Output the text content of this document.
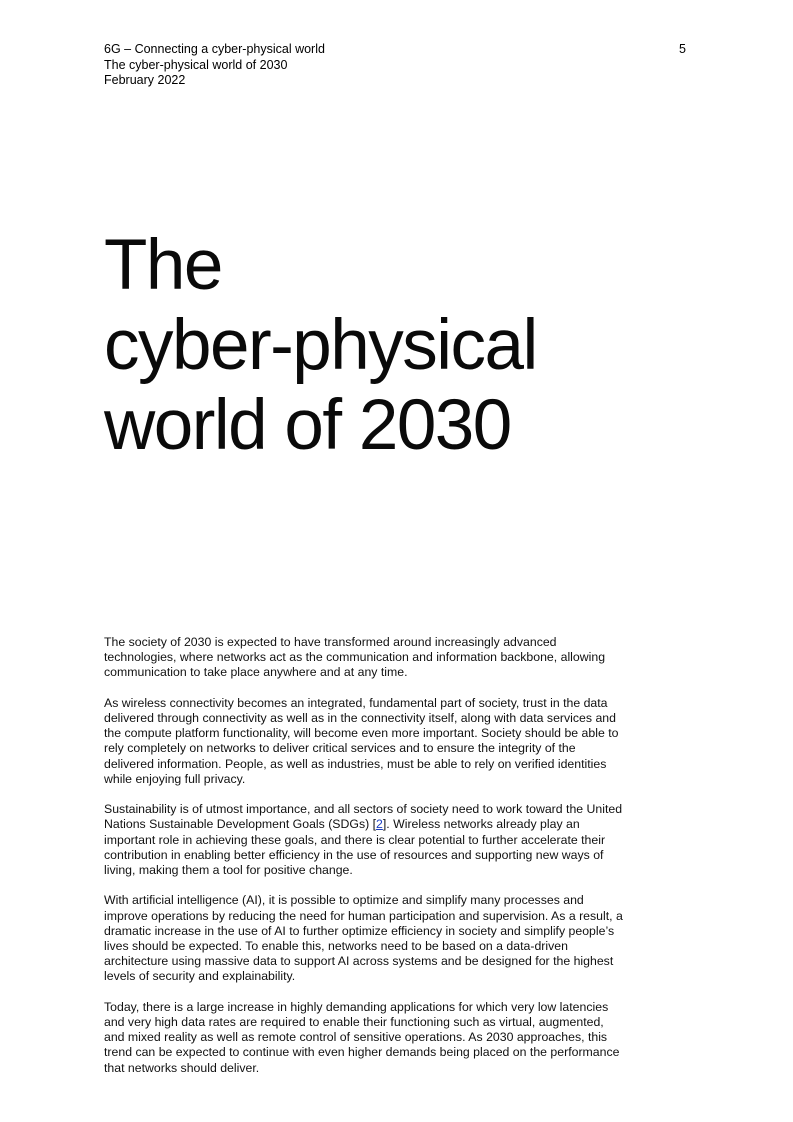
6G – Connecting a cyber-physical world
The cyber-physical world of 2030
February 2022
5
The
cyber-physical
world of 2030

The society of 2030 is expected to have transformed around increasingly advanced technologies, where networks act as the communication and information backbone, allowing communication to take place anywhere and at any time.

As wireless connectivity becomes an integrated, fundamental part of society, trust in the data delivered through connectivity as well as in the connectivity itself, along with data services and the compute platform functionality, will become even more important. Society should be able to rely completely on networks to deliver critical services and to ensure the integrity of the delivered information. People, as well as industries, must be able to rely on verified identities while enjoying full privacy.

Sustainability is of utmost importance, and all sectors of society need to work toward the United Nations Sustainable Development Goals (SDGs) [2]. Wireless networks already play an important role in achieving these goals, and there is clear potential to further accelerate their contribution in enabling better efficiency in the use of resources and supporting new ways of living, making them a tool for positive change.

With artificial intelligence (AI), it is possible to optimize and simplify many processes and improve operations by reducing the need for human participation and supervision. As a result, a dramatic increase in the use of AI to further optimize efficiency in society and simplify people’s lives should be expected. To enable this, networks need to be based on a data-driven architecture using massive data to support AI across systems and be designed for the highest levels of security and explainability.

Today, there is a large increase in highly demanding applications for which very low latencies and very high data rates are required to enable their functioning such as virtual, augmented, and mixed reality as well as remote control of sensitive operations. As 2030 approaches, this trend can be expected to continue with even higher demands being placed on the performance that networks should deliver.
